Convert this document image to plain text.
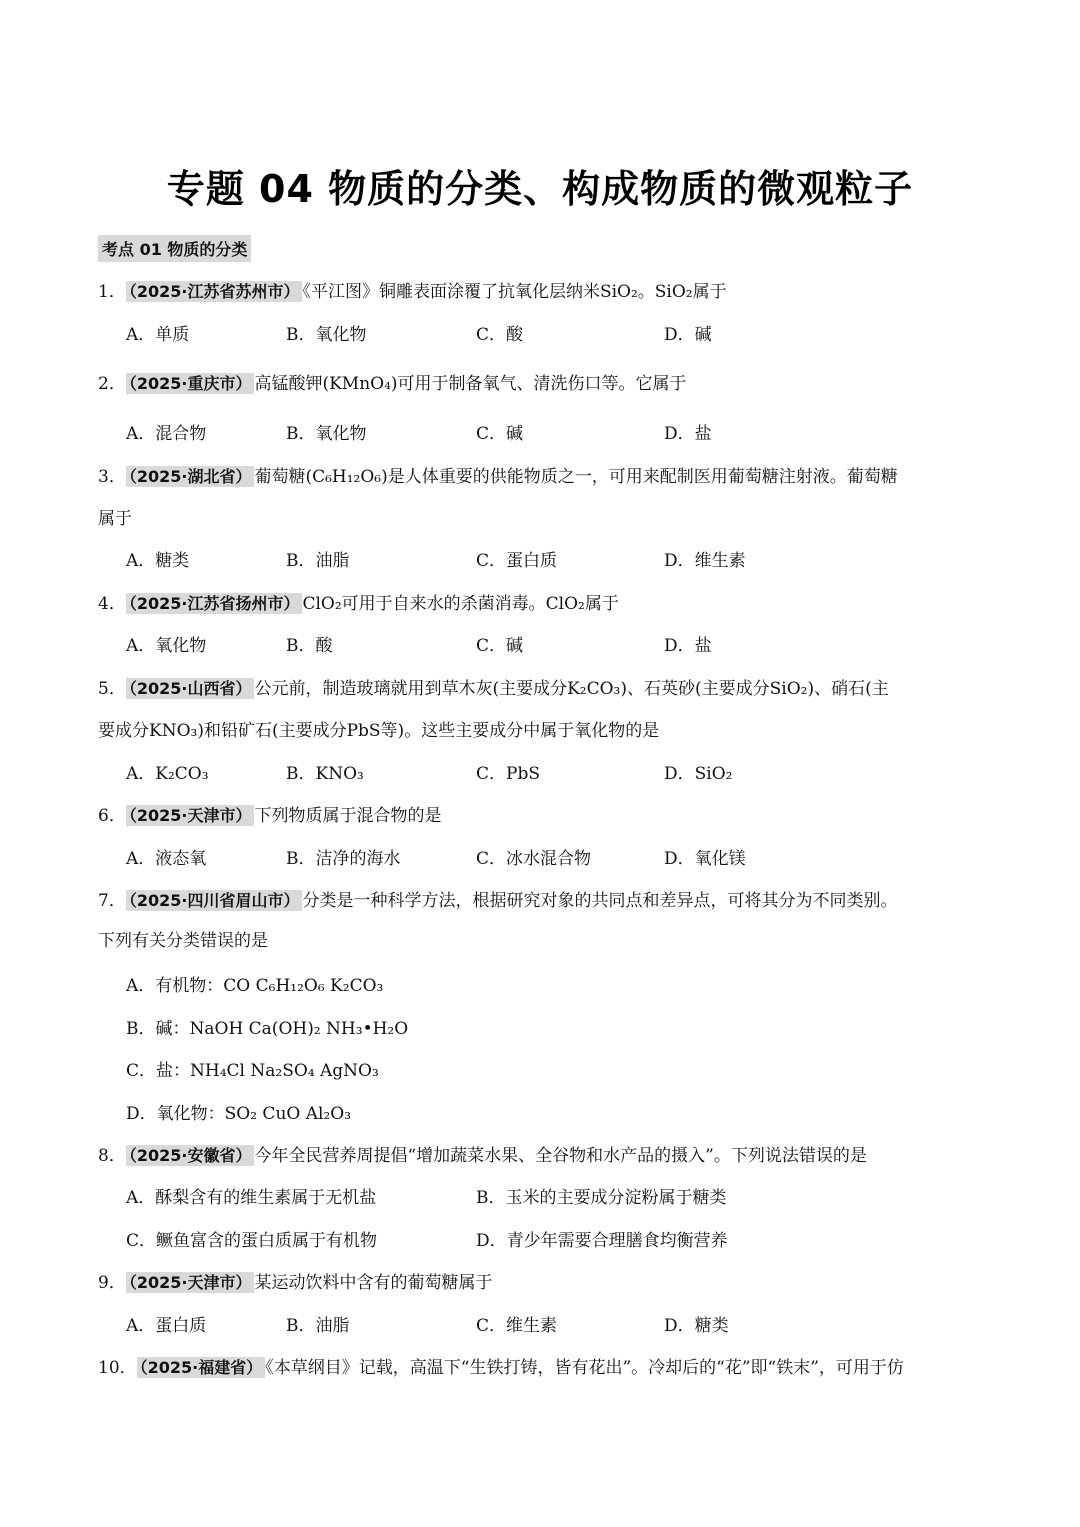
专题 04 物质的分类、构成物质的微观粒子
考点 01 物质的分类
1． （2025·江苏省苏州市） 《平江图》铜雕表面涂覆了抗氧化层纳米SiO₂。SiO₂属于
A．单质	B．氧化物	C．酸	D．碱
2． （2025·重庆市） 高锰酸钾(KMnO₄)可用于制备氧气、清洗伤口等。它属于
A．混合物	B．氧化物	C．碱	D．盐
3． （2025·湖北省） 葡萄糖(C₆H₁₂O₆)是人体重要的供能物质之一，可用来配制医用葡萄糖注射液。葡萄糖
属于
A．糖类	B．油脂	C．蛋白质	D．维生素
4． （2025·江苏省扬州市） ClO₂可用于自来水的杀菌消毒。ClO₂属于
A．氧化物	B．酸	C．碱	D．盐
5． （2025·山西省） 公元前，制造玻璃就用到草木灰(主要成分K₂CO₃)、石英砂(主要成分SiO₂)、硝石(主
要成分KNO₃)和铅矿石(主要成分PbS等)。这些主要成分中属于氧化物的是
A．K₂CO₃	B．KNO₃	C．PbS	D．SiO₂
6． （2025·天津市） 下列物质属于混合物的是
A．液态氧	B．洁净的海水	C．冰水混合物	D．氧化镁
7． （2025·四川省眉山市） 分类是一种科学方法，根据研究对象的共同点和差异点，可将其分为不同类别。
下列有关分类错误的是
A．有机物：CO C₆H₁₂O₆ K₂CO₃
B．碱：NaOH Ca(OH)₂ NH₃•H₂O
C．盐：NH₄Cl Na₂SO₄ AgNO₃
D．氧化物：SO₂ CuO Al₂O₃
8． （2025·安徽省） 今年全民营养周提倡“增加蔬菜水果、全谷物和水产品的摄入”。下列说法错误的是
A．酥梨含有的维生素属于无机盐	B．玉米的主要成分淀粉属于糖类
C．鳜鱼富含的蛋白质属于有机物	D．青少年需要合理膳食均衡营养
9． （2025·天津市） 某运动饮料中含有的葡萄糖属于
A．蛋白质	B．油脂	C．维生素	D．糖类
10． （2025·福建省） 《本草纲目》记载，高温下“生铁打铸，皆有花出”。冷却后的“花”即“铁末”，可用于仿
